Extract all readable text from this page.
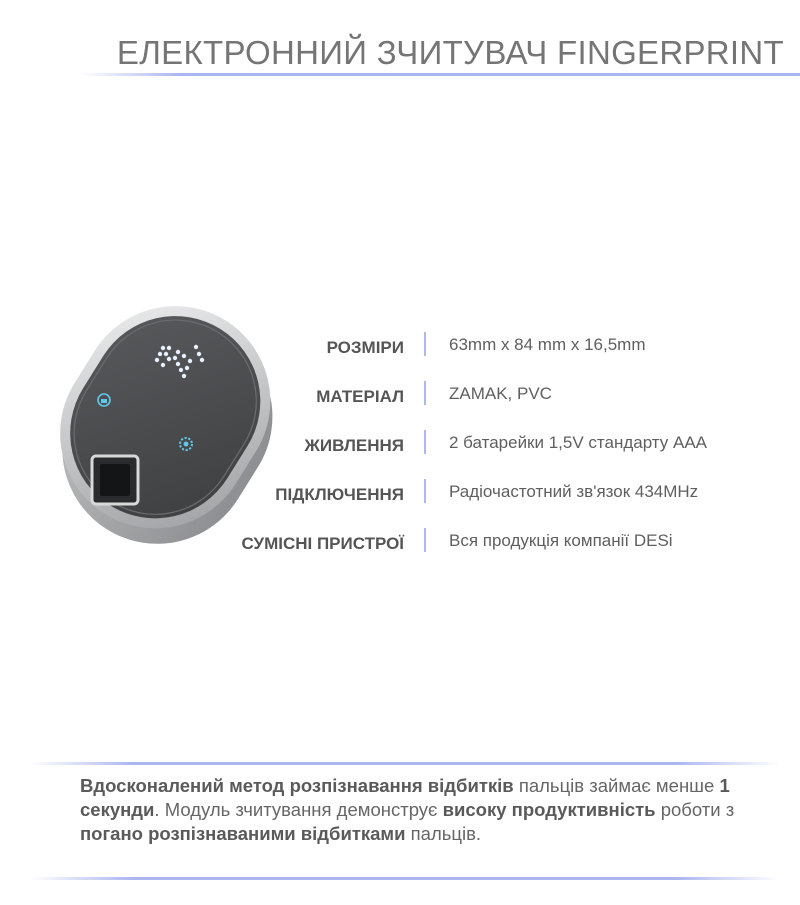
ЕЛЕКТРОННИЙ ЗЧИТУВАЧ FINGERPRINT
РОЗМІРИ	63mm x 84 mm x 16,5mm
МАТЕРІАЛ	ZAMAK, PVC
ЖИВЛЕННЯ	2 батарейки 1,5V стандарту AAA
ПІДКЛЮЧЕННЯ	Радіочастотний зв'язок 434MHz
СУМІСНІ ПРИСТРОЇ	Вся продукція компанії DESi
Вдосконалений метод розпізнавання відбитків пальців займає менше 1 секунди. Модуль зчитування демонструє високу продуктивність роботи з погано розпізнаваними відбитками пальців.
